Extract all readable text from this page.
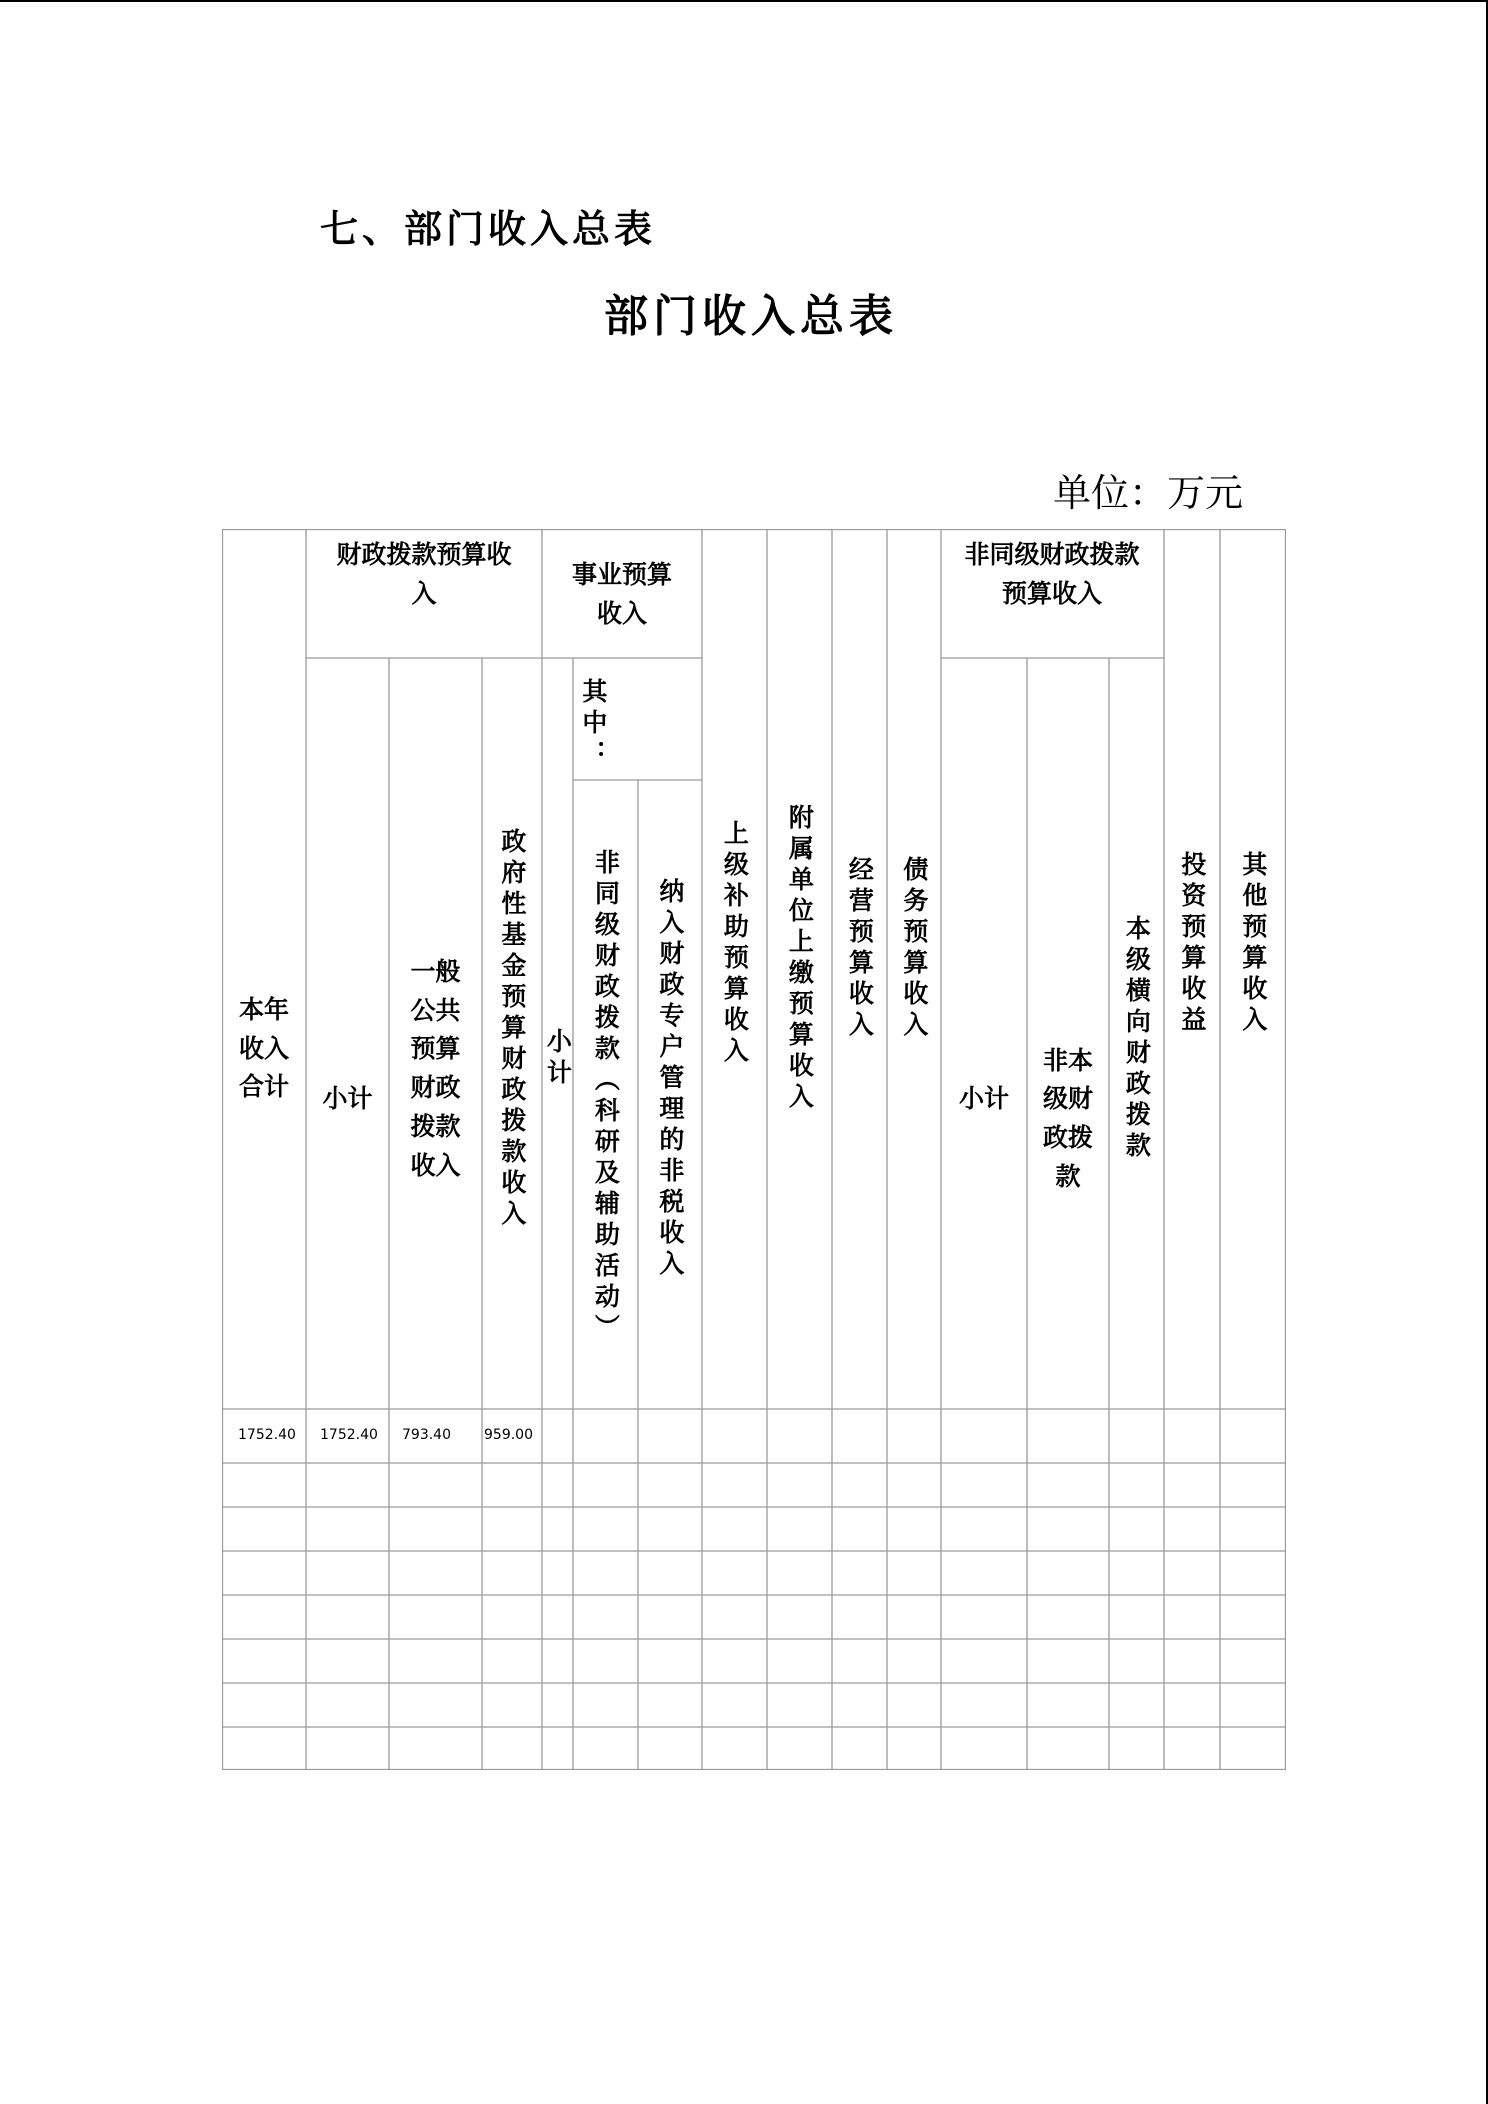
七、部门收入总表
部门收入总表
单位：万元
本年收入合计
财政拨款预算收入
小计
一般公共预算财政拨款收入 政府性基金预算财政拨款收入
事业预算收入
小计
其中：
非同级财政拨款（科研及辅助活动） 纳入财政专户管理的非税收入 上级补助预算收入 附属单位上缴预算收入 经营预算收入 债务预算收入
非同级财政拨款预算收入
小计
非本级财政拨款
本级横向财政拨款 投资预算收益 其他预算收入
1752.40 1752.40 793.40 959.00
